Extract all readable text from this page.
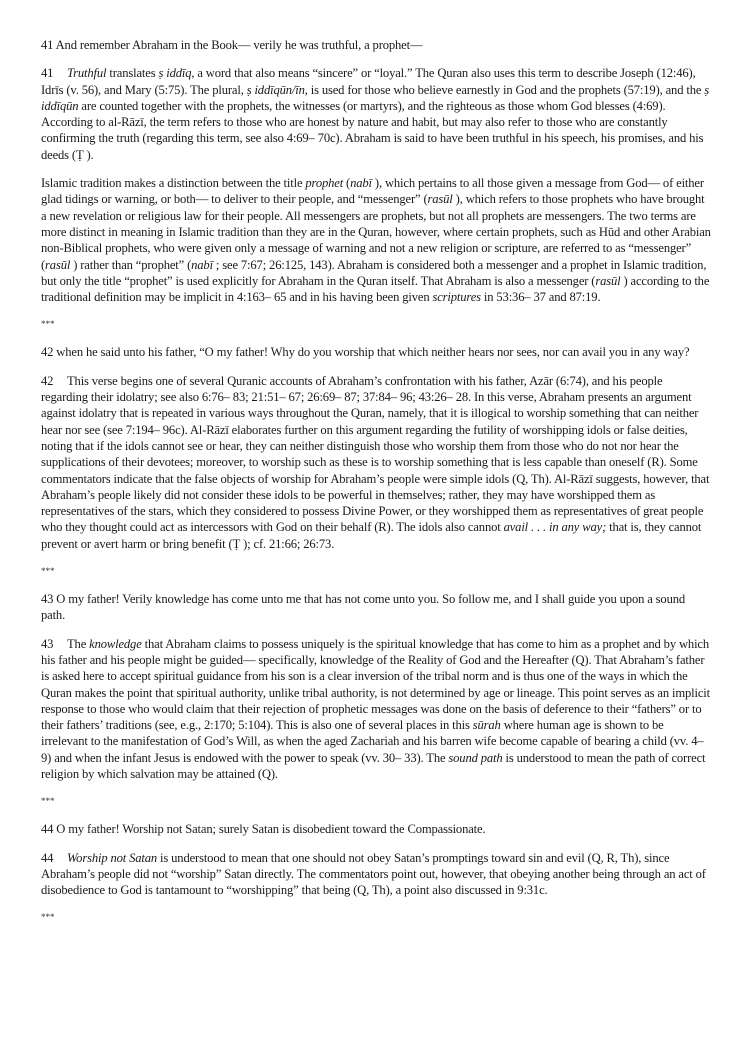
41 And remember Abraham in the Book— verily he was truthful, a prophet—

41 Truthful translates ṣ iddīq, a word that also means “sincere” or “loyal.” The Quran also uses this term to describe Joseph (12:46), Idrīs (v. 56), and Mary (5:75). The plural, ṣ iddīqūn/īn, is used for those who believe earnestly in God and the prophets (57:19), and the ṣ iddīqūn are counted together with the prophets, the witnesses (or martyrs), and the righteous as those whom God blesses (4:69). According to al-Rāzī, the term refers to those who are honest by nature and habit, but may also refer to those who are constantly confirming the truth (regarding this term, see also 4:69– 70c). Abraham is said to have been truthful in his speech, his promises, and his deeds (Ṭ ).

Islamic tradition makes a distinction between the title prophet (nabī ), which pertains to all those given a message from God— of either glad tidings or warning, or both— to deliver to their people, and “messenger” (rasūl ), which refers to those prophets who have brought a new revelation or religious law for their people. All messengers are prophets, but not all prophets are messengers. The two terms are more distinct in meaning in Islamic tradition than they are in the Quran, however, where certain prophets, such as Hūd and other Arabian non-Biblical prophets, who were given only a message of warning and not a new religion or scripture, are referred to as “messenger” (rasūl ) rather than “prophet” (nabī ; see 7:67; 26:125, 143). Abraham is considered both a messenger and a prophet in Islamic tradition, but only the title “prophet” is used explicitly for Abraham in the Quran itself. That Abraham is also a messenger (rasūl ) according to the traditional definition may be implicit in 4:163– 65 and in his having been given scriptures in 53:36– 37 and 87:19.

***

42 when he said unto his father, “O my father! Why do you worship that which neither hears nor sees, nor can avail you in any way?

42 This verse begins one of several Quranic accounts of Abraham’s confrontation with his father, Azār (6:74), and his people regarding their idolatry; see also 6:76– 83; 21:51– 67; 26:69– 87; 37:84– 96; 43:26– 28. In this verse, Abraham presents an argument against idolatry that is repeated in various ways throughout the Quran, namely, that it is illogical to worship something that can neither hear nor see (see 7:194– 96c). Al-Rāzī elaborates further on this argument regarding the futility of worshipping idols or false deities, noting that if the idols cannot see or hear, they can neither distinguish those who worship them from those who do not nor hear the supplications of their devotees; moreover, to worship such as these is to worship something that is less capable than oneself (R). Some commentators indicate that the false objects of worship for Abraham’s people were simple idols (Q, Th). Al-Rāzī suggests, however, that Abraham’s people likely did not consider these idols to be powerful in themselves; rather, they may have worshipped them as representatives of the stars, which they considered to possess Divine Power, or they worshipped them as representatives of great people who they thought could act as intercessors with God on their behalf (R). The idols also cannot avail . . . in any way; that is, they cannot prevent or avert harm or bring benefit (Ṭ ); cf. 21:66; 26:73.

***

43 O my father! Verily knowledge has come unto me that has not come unto you. So follow me, and I shall guide you upon a sound path.

43 The knowledge that Abraham claims to possess uniquely is the spiritual knowledge that has come to him as a prophet and by which his father and his people might be guided— specifically, knowledge of the Reality of God and the Hereafter (Q). That Abraham’s father is asked here to accept spiritual guidance from his son is a clear inversion of the tribal norm and is thus one of the ways in which the Quran makes the point that spiritual authority, unlike tribal authority, is not determined by age or lineage. This point serves as an implicit response to those who would claim that their rejection of prophetic messages was done on the basis of deference to their “fathers” or to their fathers’ traditions (see, e.g., 2:170; 5:104). This is also one of several places in this sūrah where human age is shown to be irrelevant to the manifestation of God’s Will, as when the aged Zachariah and his barren wife become capable of bearing a child (vv. 4– 9) and when the infant Jesus is endowed with the power to speak (vv. 30– 33). The sound path is understood to mean the path of correct religion by which salvation may be attained (Q).

***

44 O my father! Worship not Satan; surely Satan is disobedient toward the Compassionate.

44 Worship not Satan is understood to mean that one should not obey Satan’s promptings toward sin and evil (Q, R, Th), since Abraham’s people did not “worship” Satan directly. The commentators point out, however, that obeying another being through an act of disobedience to God is tantamount to “worshipping” that being (Q, Th), a point also discussed in 9:31c.

***
